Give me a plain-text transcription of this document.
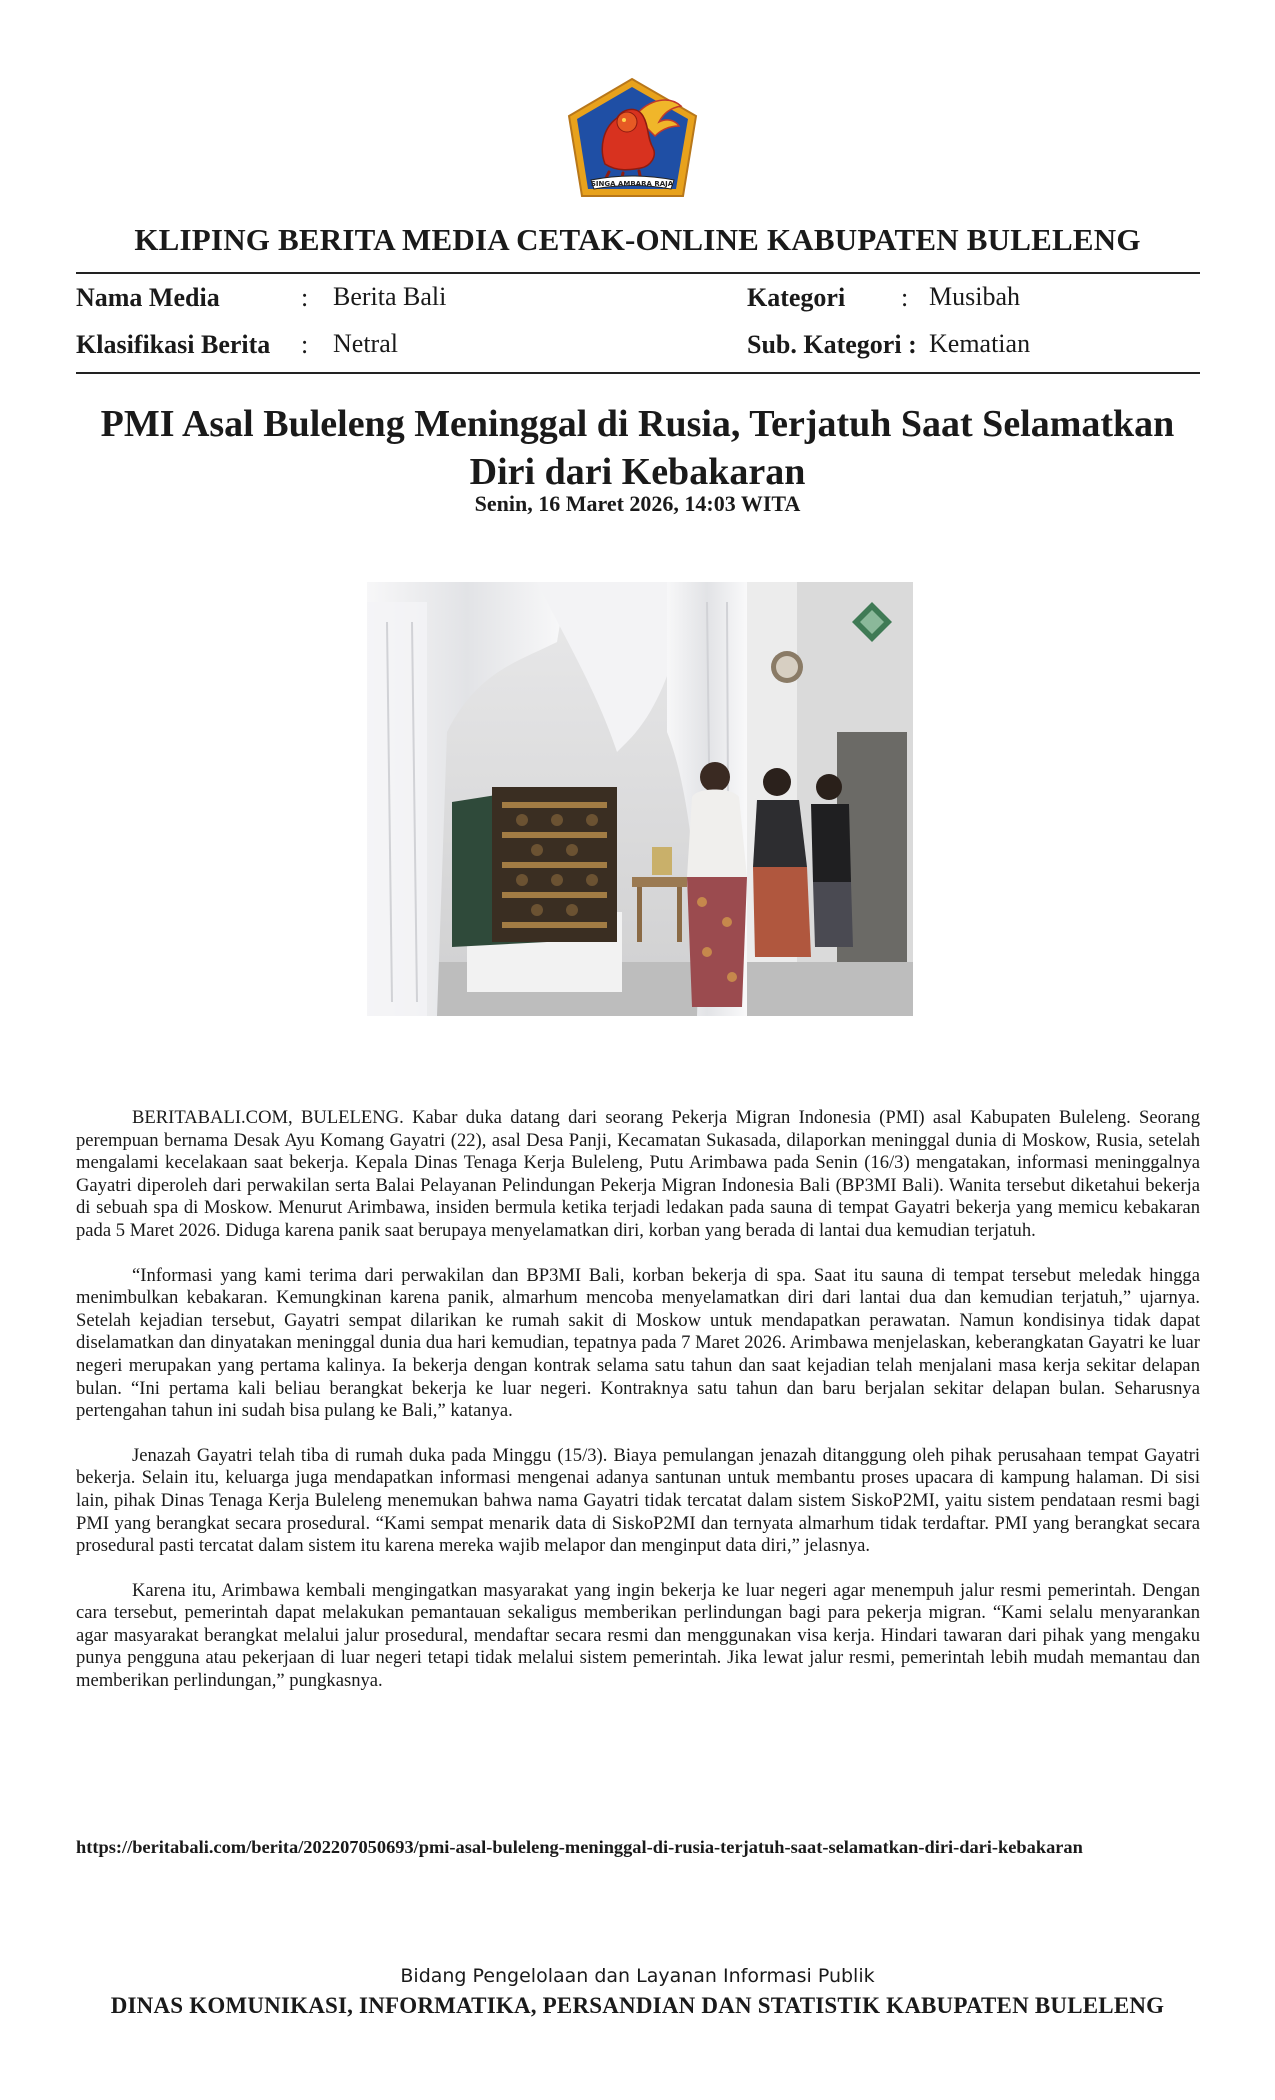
SINGA AMBARA RAJA
KLIPING BERITA MEDIA CETAK-ONLINE KABUPATEN BULELENG
Nama Media	: Berita Bali	Kategori : Musibah
Klasifikasi Berita : Netral	Sub. Kategori : Kematian
PMI Asal Buleleng Meninggal di Rusia, Terjatuh Saat Selamatkan Diri dari Kebakaran
Senin, 16 Maret 2026, 14:03 WITA

BERITABALI.COM, BULELENG. Kabar duka datang dari seorang Pekerja Migran Indonesia (PMI) asal Kabupaten Buleleng. Seorang perempuan bernama Desak Ayu Komang Gayatri (22), asal Desa Panji, Kecamatan Sukasada, dilaporkan meninggal dunia di Moskow, Rusia, setelah mengalami kecelakaan saat bekerja. Kepala Dinas Tenaga Kerja Buleleng, Putu Arimbawa pada Senin (16/3) mengatakan, informasi meninggalnya Gayatri diperoleh dari perwakilan serta Balai Pelayanan Pelindungan Pekerja Migran Indonesia Bali (BP3MI Bali). Wanita tersebut diketahui bekerja di sebuah spa di Moskow. Menurut Arimbawa, insiden bermula ketika terjadi ledakan pada sauna di tempat Gayatri bekerja yang memicu kebakaran pada 5 Maret 2026. Diduga karena panik saat berupaya menyelamatkan diri, korban yang berada di lantai dua kemudian terjatuh.

“Informasi yang kami terima dari perwakilan dan BP3MI Bali, korban bekerja di spa. Saat itu sauna di tempat tersebut meledak hingga menimbulkan kebakaran. Kemungkinan karena panik, almarhum mencoba menyelamatkan diri dari lantai dua dan kemudian terjatuh,” ujarnya. Setelah kejadian tersebut, Gayatri sempat dilarikan ke rumah sakit di Moskow untuk mendapatkan perawatan. Namun kondisinya tidak dapat diselamatkan dan dinyatakan meninggal dunia dua hari kemudian, tepatnya pada 7 Maret 2026. Arimbawa menjelaskan, keberangkatan Gayatri ke luar negeri merupakan yang pertama kalinya. Ia bekerja dengan kontrak selama satu tahun dan saat kejadian telah menjalani masa kerja sekitar delapan bulan. “Ini pertama kali beliau berangkat bekerja ke luar negeri. Kontraknya satu tahun dan baru berjalan sekitar delapan bulan. Seharusnya pertengahan tahun ini sudah bisa pulang ke Bali,” katanya.

Jenazah Gayatri telah tiba di rumah duka pada Minggu (15/3). Biaya pemulangan jenazah ditanggung oleh pihak perusahaan tempat Gayatri bekerja. Selain itu, keluarga juga mendapatkan informasi mengenai adanya santunan untuk membantu proses upacara di kampung halaman. Di sisi lain, pihak Dinas Tenaga Kerja Buleleng menemukan bahwa nama Gayatri tidak tercatat dalam sistem SiskoP2MI, yaitu sistem pendataan resmi bagi PMI yang berangkat secara prosedural. “Kami sempat menarik data di SiskoP2MI dan ternyata almarhum tidak terdaftar. PMI yang berangkat secara prosedural pasti tercatat dalam sistem itu karena mereka wajib melapor dan menginput data diri,” jelasnya.

Karena itu, Arimbawa kembali mengingatkan masyarakat yang ingin bekerja ke luar negeri agar menempuh jalur resmi pemerintah. Dengan cara tersebut, pemerintah dapat melakukan pemantauan sekaligus memberikan perlindungan bagi para pekerja migran. “Kami selalu menyarankan agar masyarakat berangkat melalui jalur prosedural, mendaftar secara resmi dan menggunakan visa kerja. Hindari tawaran dari pihak yang mengaku punya pengguna atau pekerjaan di luar negeri tetapi tidak melalui sistem pemerintah. Jika lewat jalur resmi, pemerintah lebih mudah memantau dan memberikan perlindungan,” pungkasnya.

https://beritabali.com/berita/202207050693/pmi-asal-buleleng-meninggal-di-rusia-terjatuh-saat-selamatkan-diri-dari-kebakaran
Bidang Pengelolaan dan Layanan Informasi Publik
DINAS KOMUNIKASI, INFORMATIKA, PERSANDIAN DAN STATISTIK KABUPATEN BULELENG
